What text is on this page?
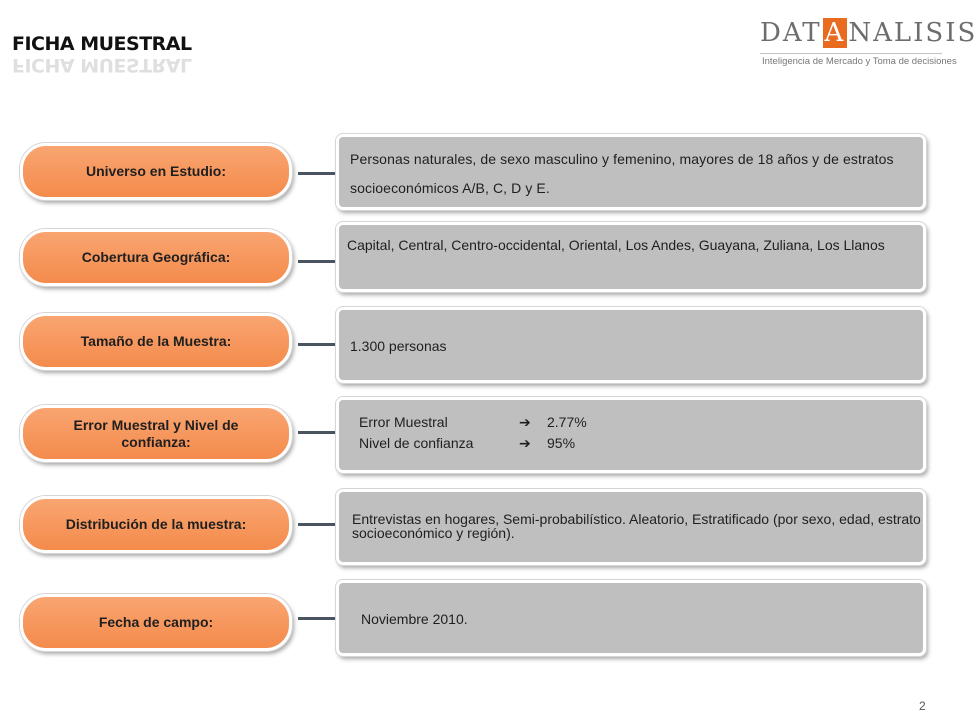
FICHA MUESTRAL
FICHA MUESTRAL
DAT A NALISIS
Inteligencia de Mercado y Toma de decisiones
Universo en Estudio:
Personas naturales, de sexo masculino y femenino, mayores de 18 años y de estratos socioeconómicos A/B, C, D y E.
Cobertura Geográfica:
Capital, Central, Centro-occidental, Oriental, Los Andes, Guayana, Zuliana, Los Llanos
Tamaño de la Muestra:	1.300 personas
Error Muestral y Nivel de confianza:
Error Muestral	➔ 2.77%
Nivel de confianza	➔ 95%
Distribución de la muestra:	Entrevistas en hogares, Semi-probabilístico. Aleatorio, Estratificado (por sexo, edad, estrato socioeconómico y región).
Fecha de campo:	Noviembre 2010.
2
